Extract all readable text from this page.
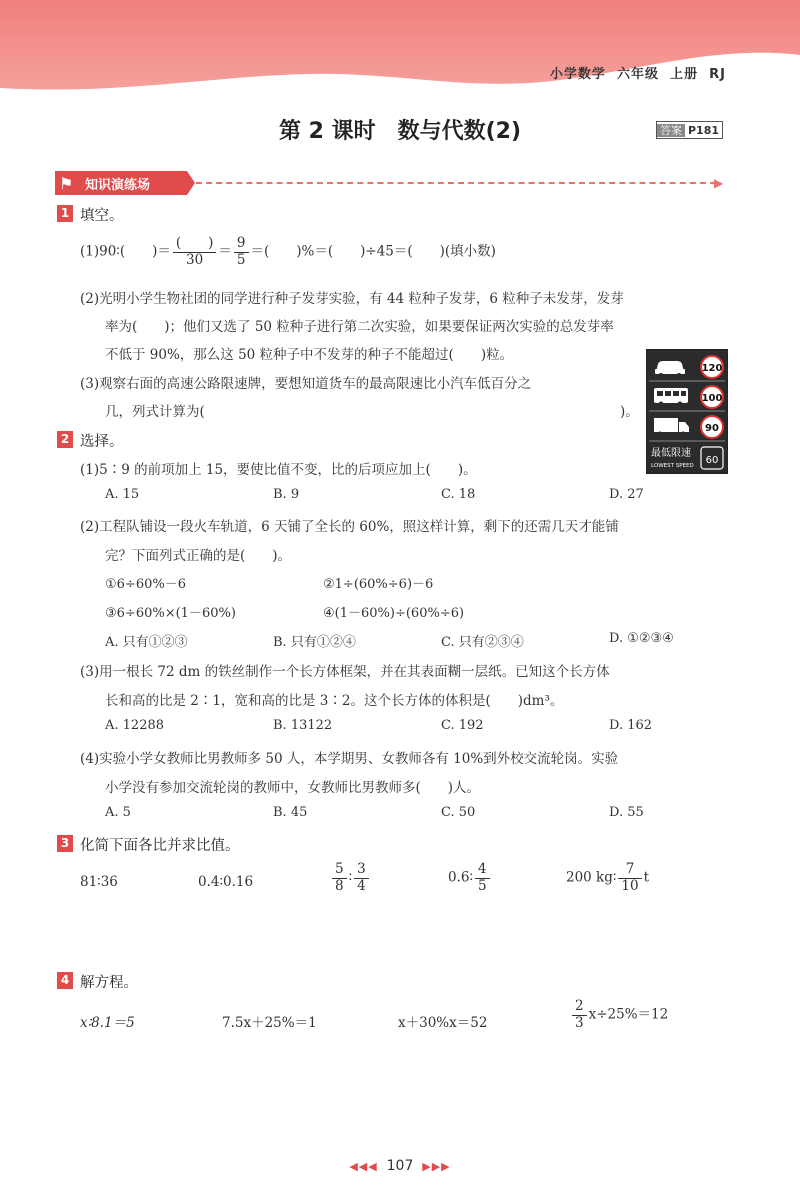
小学数学 六年级 上册 RJ
第 2 课时　数与代数(2)	答案 P181
⚑ 知识演练场	▶
1 填空。
(1)90∶(　　)＝ $\frac{( )}{30} = \frac{9}{5}$ ＝(　　)%＝(　　)÷45＝(　　)(填小数)
(2)光明小学生物社团的同学进行种子发芽实验，有 44 粒种子发芽，6 粒种子未发芽，发芽
率为(　　)；他们又选了 50 粒种子进行第二次实验，如果要保证两次实验的总发芽率
不低于 90%，那么这 50 粒种子中不发芽的种子不能超过(　　)粒。
(3)观察右面的高速公路限速牌，要想知道货车的最高限速比小汽车低百分之
几，列式计算为(	)。
120
100
90
最低限速
LOWEST SPEED 60
2 选择。
(1)5∶9 的前项加上 15，要使比值不变，比的后项应加上(　　)。
A. 15	B. 9	C. 18	D. 27
(2)工程队铺设一段火车轨道，6 天铺了全长的 60%，照这样计算，剩下的还需几天才能铺
完？下面列式正确的是(　　)。
①6÷60%－6	②1÷(60%÷6)－6
③6÷60%×(1－60%)	④(1－60%)÷(60%÷6)
A. 只有①②③	B. 只有①②④	C. 只有②③④	D. ①②③④
(3)用一根长 72 dm 的铁丝制作一个长方体框架，并在其表面糊一层纸。已知这个长方体
长和高的比是 2∶1，宽和高的比是 3∶2。这个长方体的体积是(　　)dm³。
A. 12288	B. 13122	C. 192	D. 162
(4)实验小学女教师比男教师多 50 人，本学期男、女教师各有 10%到外校交流轮岗。实验
小学没有参加交流轮岗的教师中，女教师比男教师多(　　)人。
A. 5	B. 45	C. 50	D. 55
3 化简下面各比并求比值。
81∶36	0.4∶0.16	$\frac{5}{8}$ ∶ $\frac{3}{4}$	0.6∶ $\frac{4}{5}$	200 kg∶ $\frac{7}{10}$ t
4 解方程。
x∶8.1＝5	7.5x＋25%＝1	x＋30%x＝52	$\frac{2}{3} x\div 25\%=12$
◀◀◀ 107 ▶▶▶
